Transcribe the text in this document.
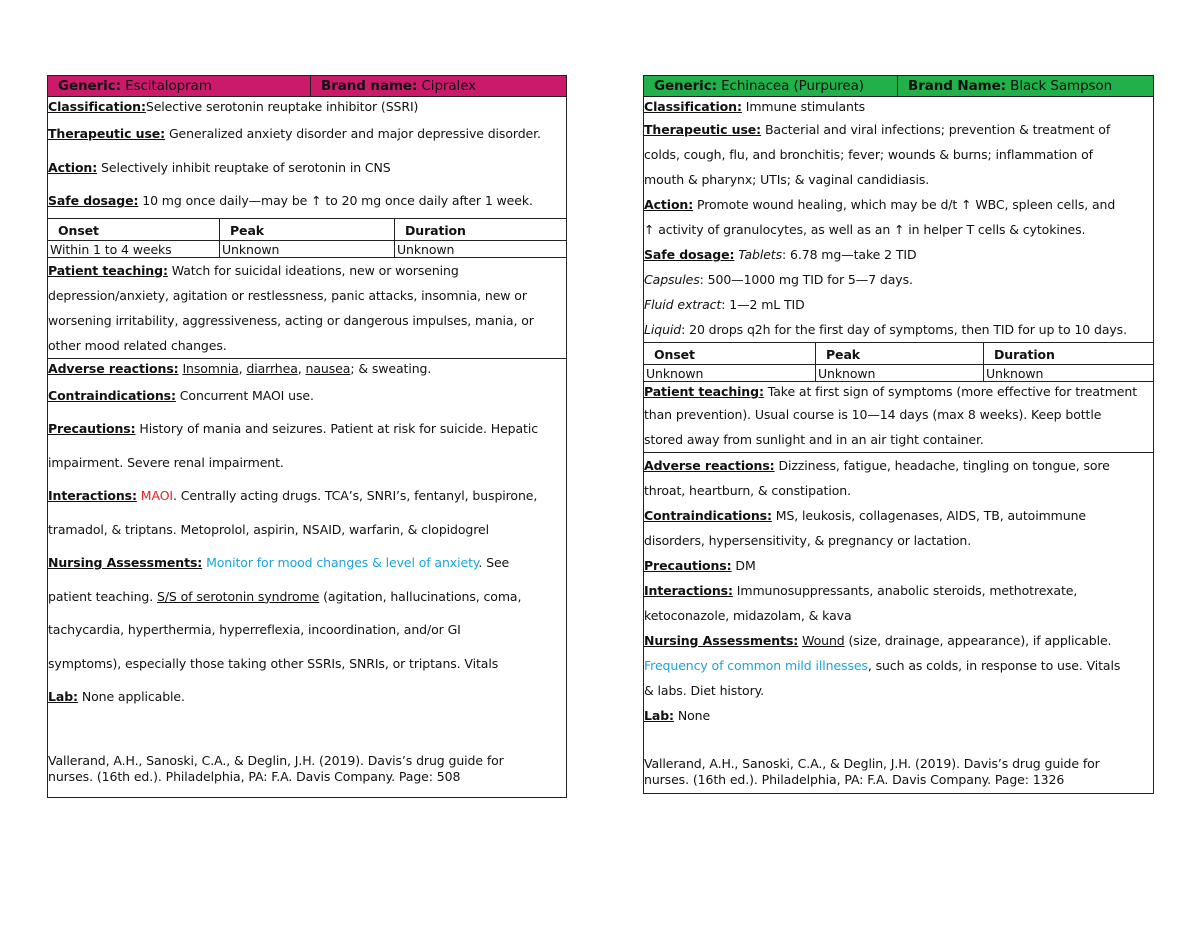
Generic: Escitalopram	Brand name: Cipralex
Classification:Selective serotonin reuptake inhibitor (SSRI)
Therapeutic use: Generalized anxiety disorder and major depressive disorder.
Action: Selectively inhibit reuptake of serotonin in CNS
Safe dosage: 10 mg once daily—may be ↑ to 20 mg once daily after 1 week.
Onset	Peak	Duration
Within 1 to 4 weeks	Unknown	Unknown
Patient teaching: Watch for suicidal ideations, new or worsening
depression/anxiety, agitation or restlessness, panic attacks, insomnia, new or
worsening irritability, aggressiveness, acting or dangerous impulses, mania, or
other mood related changes.
Adverse reactions: Insomnia, diarrhea, nausea; & sweating.
Contraindications: Concurrent MAOI use.
Precautions: History of mania and seizures. Patient at risk for suicide. Hepatic
impairment. Severe renal impairment.
Interactions: MAOI. Centrally acting drugs. TCA’s, SNRI’s, fentanyl, buspirone,
tramadol, & triptans. Metoprolol, aspirin, NSAID, warfarin, & clopidogrel
Nursing Assessments: Monitor for mood changes & level of anxiety. See
patient teaching. S/S of serotonin syndrome (agitation, hallucinations, coma,
tachycardia, hyperthermia, hyperreflexia, incoordination, and/or GI
symptoms), especially those taking other SSRIs, SNRIs, or triptans. Vitals
Lab: None applicable.
Vallerand, A.H., Sanoski, C.A., & Deglin, J.H. (2019). Davis’s drug guide for
nurses. (16th ed.). Philadelphia, PA: F.A. Davis Company. Page: 508
Generic: Echinacea (Purpurea)	Brand Name: Black Sampson
Classification: Immune stimulants
Therapeutic use: Bacterial and viral infections; prevention & treatment of
colds, cough, flu, and bronchitis; fever; wounds & burns; inflammation of
mouth & pharynx; UTIs; & vaginal candidiasis.
Action: Promote wound healing, which may be d/t ↑ WBC, spleen cells, and
↑ activity of granulocytes, as well as an ↑ in helper T cells & cytokines.
Safe dosage: Tablets: 6.78 mg—take 2 TID
Capsules: 500—1000 mg TID for 5—7 days.
Fluid extract: 1—2 mL TID
Liquid: 20 drops q2h for the first day of symptoms, then TID for up to 10 days.
Onset	Peak	Duration
Unknown	Unknown	Unknown
Patient teaching: Take at first sign of symptoms (more effective for treatment
than prevention). Usual course is 10—14 days (max 8 weeks). Keep bottle
stored away from sunlight and in an air tight container.
Adverse reactions: Dizziness, fatigue, headache, tingling on tongue, sore
throat, heartburn, & constipation.
Contraindications: MS, leukosis, collagenases, AIDS, TB, autoimmune
disorders, hypersensitivity, & pregnancy or lactation.
Precautions: DM
Interactions: Immunosuppressants, anabolic steroids, methotrexate,
ketoconazole, midazolam, & kava
Nursing Assessments: Wound (size, drainage, appearance), if applicable.
Frequency of common mild illnesses, such as colds, in response to use. Vitals
& labs. Diet history.
Lab: None
Vallerand, A.H., Sanoski, C.A., & Deglin, J.H. (2019). Davis’s drug guide for
nurses. (16th ed.). Philadelphia, PA: F.A. Davis Company. Page: 1326
